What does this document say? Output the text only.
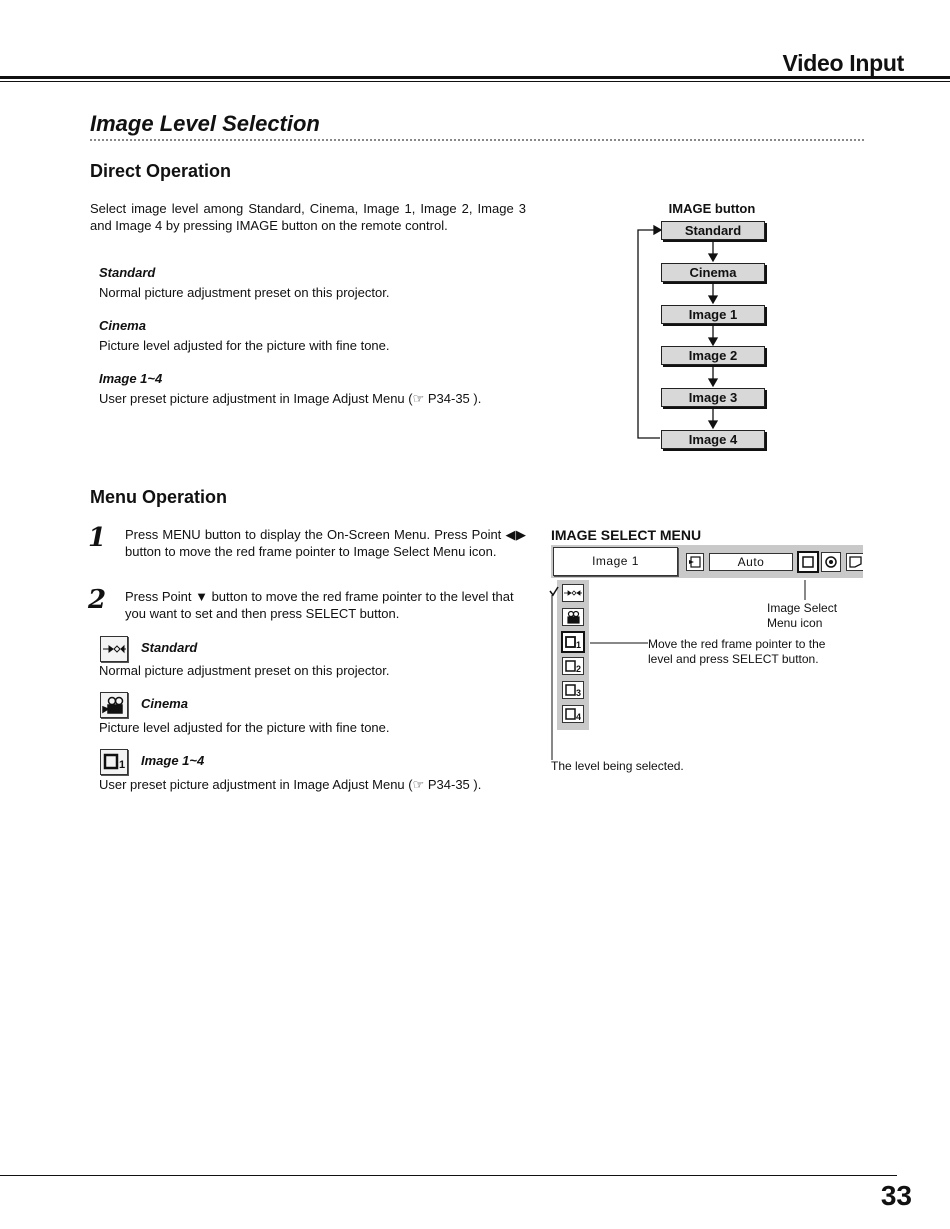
Video Input
Image Level Selection
Direct Operation
Select image level among Standard, Cinema, Image 1, Image 2, Image 3 and Image 4 by pressing IMAGE button on the remote control.
Standard
Normal picture adjustment preset on this projector.
Cinema
Picture level adjusted for the picture with fine tone.
Image 1~4
User preset picture adjustment in Image Adjust Menu (☞ P34-35 ).
IMAGE button
Standard
Cinema
Image 1
Image 2
Image 3
Image 4
Menu Operation
1 Press MENU button to display the On-Screen Menu. Press Point ◀▶ button to move the red frame pointer to Image Select Menu icon.
2 Press Point ▼ button to move the red frame pointer to the level that you want to set and then press SELECT button.
Standard
Normal picture adjustment preset on this projector.
Cinema
Picture level adjusted for the picture with fine tone.
1 Image 1~4
User preset picture adjustment in Image Adjust Menu (☞ P34-35 ).
IMAGE SELECT MENU
Image 1	Auto
1
2
3
4
Image Select Menu icon
Move the red frame pointer to the level and press SELECT button.
The level being selected.
33
